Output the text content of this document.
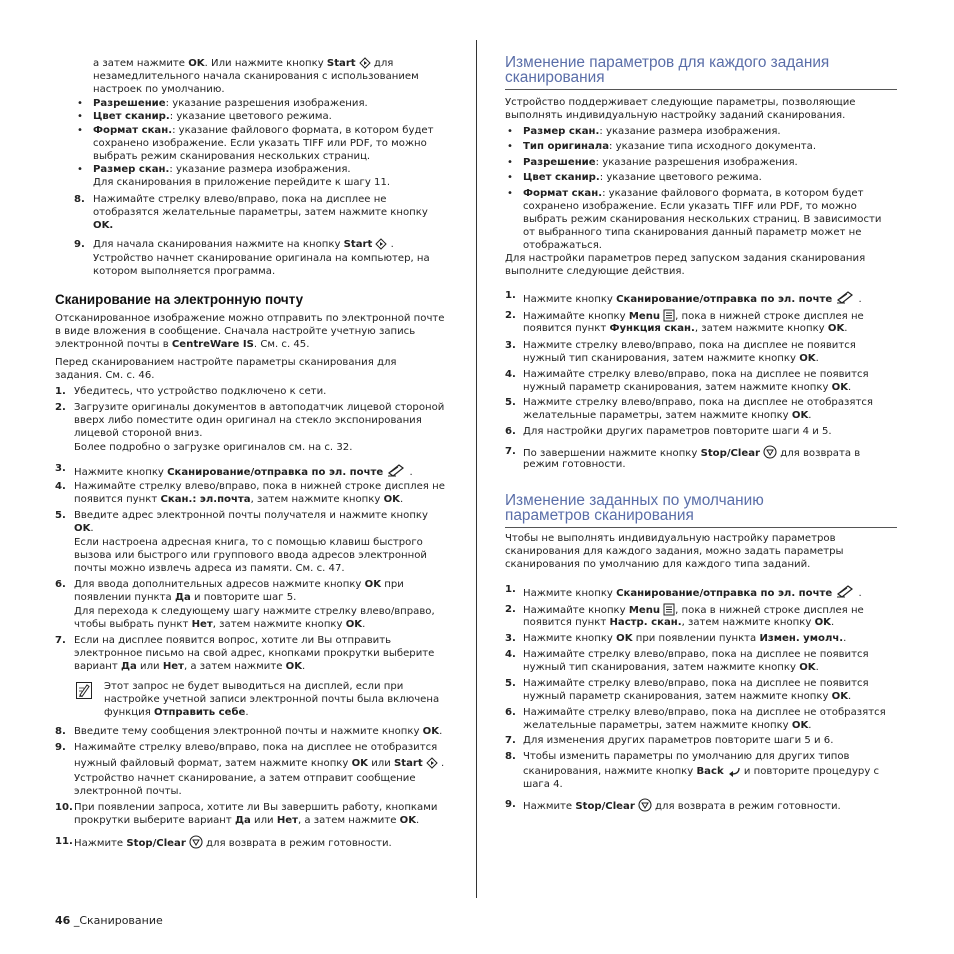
а затем нажмите OK. Или нажмите кнопку Start для
незамедлительного начала сканирования с использованием
настроек по умолчанию.
• Разрешение: указание разрешения изображения.
• Цвет сканир.: указание цветового режима.
• Формат скан.: указание файлового формата, в котором будет
сохранено изображение. Если указать TIFF или PDF, то можно
выбрать режим сканирования нескольких страниц.
• Размер скан.: указание размера изображения.
Для сканирования в приложение перейдите к шагу 11.
8. Нажимайте стрелку влево/вправо, пока на дисплее не
отобразятся желательные параметры, затем нажмите кнопку
OK.
9. Для начала сканирования нажмите на кнопку Start .
Устройство начнет сканирование оригинала на компьютер, на
котором выполняется программа.
Сканирование на электронную почту
Отсканированное изображение можно отправить по электронной почте
в виде вложения в сообщение. Сначала настройте учетную запись
электронной почты в CentreWare IS. См. с. 45.
Перед сканированием настройте параметры сканирования для
задания. См. с. 46.
1. Убедитесь, что устройство подключено к сети.
2. Загрузите оригиналы документов в автоподатчик лицевой стороной
вверх либо поместите один оригинал на стекло экспонирования
лицевой стороной вниз.
Более подробно о загрузке оригиналов см. на с. 32.
3. Нажмите кнопку Сканирование/отправка по эл. почте	.
4. Нажимайте стрелку влево/вправо, пока в нижней строке дисплея не
появится пункт Скан.: эл.почта, затем нажмите кнопку OK.
5. Введите адрес электронной почты получателя и нажмите кнопку
OK.
Если настроена адресная книга, то с помощью клавиш быстрого
вызова или быстрого или группового ввода адресов электронной
почты можно извлечь адреса из памяти. См. с. 47.
6. Для ввода дополнительных адресов нажмите кнопку OK при
появлении пункта Да и повторите шаг 5.
Для перехода к следующему шагу нажмите стрелку влево/вправо,
чтобы выбрать пункт Нет, затем нажмите кнопку OK.
7. Если на дисплее появится вопрос, хотите ли Вы отправить
электронное письмо на свой адрес, кнопками прокрутки выберите
вариант Да или Нет, а затем нажмите OK.
Этот запрос не будет выводиться на дисплей, если при
настройке учетной записи электронной почты была включена
функция Отправить себе.
8. Введите тему сообщения электронной почты и нажмите кнопку OK.
9. Нажимайте стрелку влево/вправо, пока на дисплее не отобразится
нужный файловый формат, затем нажмите кнопку OK или Start .
Устройство начнет сканирование, а затем отправит сообщение
электронной почты.
10. При появлении запроса, хотите ли Вы завершить работу, кнопками
прокрутки выберите вариант Да или Нет, а затем нажмите OK.
11. Нажмите Stop/Clear для возврата в режим готовности.
Изменение параметров для каждого задания
сканирования
Устройство поддерживает следующие параметры, позволяющие
выполнять индивидуальную настройку заданий сканирования.
• Размер скан.: указание размера изображения.
• Тип оригинала: указание типа исходного документа.
• Разрешение: указание разрешения изображения.
• Цвет сканир.: указание цветового режима.
• Формат скан.: указание файлового формата, в котором будет
сохранено изображение. Если указать TIFF или PDF, то можно
выбрать режим сканирования нескольких страниц. В зависимости
от выбранного типа сканирования данный параметр может не
отображаться.
Для настройки параметров перед запуском задания сканирования
выполните следующие действия.
1. Нажмите кнопку Сканирование/отправка по эл. почте	.
2. Нажимайте кнопку Menu , пока в нижней строке дисплея не
появится пункт Функция скан., затем нажмите кнопку OK.
3. Нажмите стрелку влево/вправо, пока на дисплее не появится
нужный тип сканирования, затем нажмите кнопку OK.
4. Нажимайте стрелку влево/вправо, пока на дисплее не появится
нужный параметр сканирования, затем нажмите кнопку OK.
5. Нажмите стрелку влево/вправо, пока на дисплее не отобразятся
желательные параметры, затем нажмите кнопку OK.
6. Для настройки других параметров повторите шаги 4 и 5.
7. По завершении нажмите кнопку Stop/Clear для возврата в
режим готовности.
Изменение заданных по умолчанию
параметров сканирования
Чтобы не выполнять индивидуальную настройку параметров
сканирования для каждого задания, можно задать параметры
сканирования по умолчанию для каждого типа заданий.
1. Нажмите кнопку Сканирование/отправка по эл. почте	.
2. Нажимайте кнопку Menu , пока в нижней строке дисплея не
появится пункт Настр. скан., затем нажмите кнопку OK.
3. Нажмите кнопку OK при появлении пункта Измен. умолч..
4. Нажимайте стрелку влево/вправо, пока на дисплее не появится
нужный тип сканирования, затем нажмите кнопку OK.
5. Нажимайте стрелку влево/вправо, пока на дисплее не появится
нужный параметр сканирования, затем нажмите кнопку OK.
6. Нажимайте стрелку влево/вправо, пока на дисплее не отобразятся
желательные параметры, затем нажмите кнопку OK.
7. Для изменения других параметров повторите шаги 5 и 6.
8. Чтобы изменить параметры по умолчанию для других типов
сканирования, нажмите кнопку Back и повторите процедуру с
шага 4.
9. Нажмите Stop/Clear для возврата в режим готовности.
46 _Сканирование
